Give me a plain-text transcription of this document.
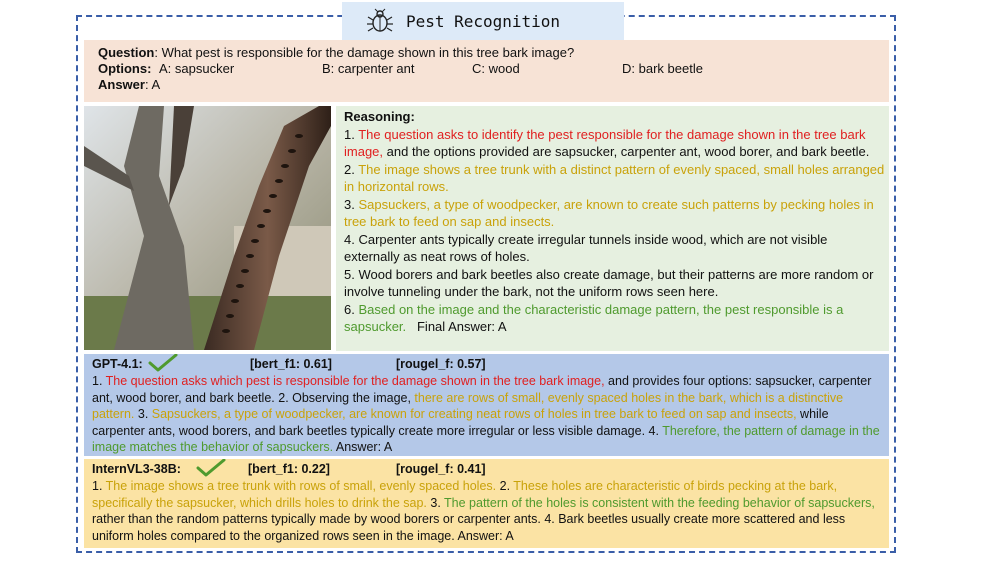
Pest Recognition
Question: What pest is responsible for the damage shown in this tree bark image?
Options: A: sapsucker	B: carpenter ant	C: wood	D: bark beetle
Answer: A
Reasoning:
1. The question asks to identify the pest responsible for the damage shown in the tree bark image, and the options provided are sapsucker, carpenter ant, wood borer, and bark beetle.
2. The image shows a tree trunk with a distinct pattern of evenly spaced, small holes arranged in horizontal rows.
3. Sapsuckers, a type of woodpecker, are known to create such patterns by pecking holes in tree bark to feed on sap and insects.
4. Carpenter ants typically create irregular tunnels inside wood, which are not visible externally as neat rows of holes.
5. Wood borers and bark beetles also create damage, but their patterns are more random or involve tunneling under the bark, not the uniform rows seen here.
6. Based on the image and the characteristic damage pattern, the pest responsible is a sapsucker.   Final Answer: A
GPT-4.1:	[bert_f1: 0.61]	[rougel_f: 0.57]
1. The question asks which pest is responsible for the damage shown in the tree bark image, and provides four options: sapsucker, carpenter ant, wood borer, and bark beetle. 2. Observing the image, there are rows of small, evenly spaced holes in the bark, which is a distinctive pattern. 3. Sapsuckers, a type of woodpecker, are known for creating neat rows of holes in tree bark to feed on sap and insects, while carpenter ants, wood borers, and bark beetles typically create more irregular or less visible damage. 4. Therefore, the pattern of damage in the image matches the behavior of sapsuckers. Answer: A
InternVL3-38B:	[bert_f1: 0.22]	[rougel_f: 0.41]
1. The image shows a tree trunk with rows of small, evenly spaced holes. 2. These holes are characteristic of birds pecking at the bark, specifically the sapsucker, which drills holes to drink the sap. 3. The pattern of the holes is consistent with the feeding behavior of sapsuckers, rather than the random patterns typically made by wood borers or carpenter ants. 4. Bark beetles usually create more scattered and less uniform holes compared to the organized rows seen in the image. Answer: A
